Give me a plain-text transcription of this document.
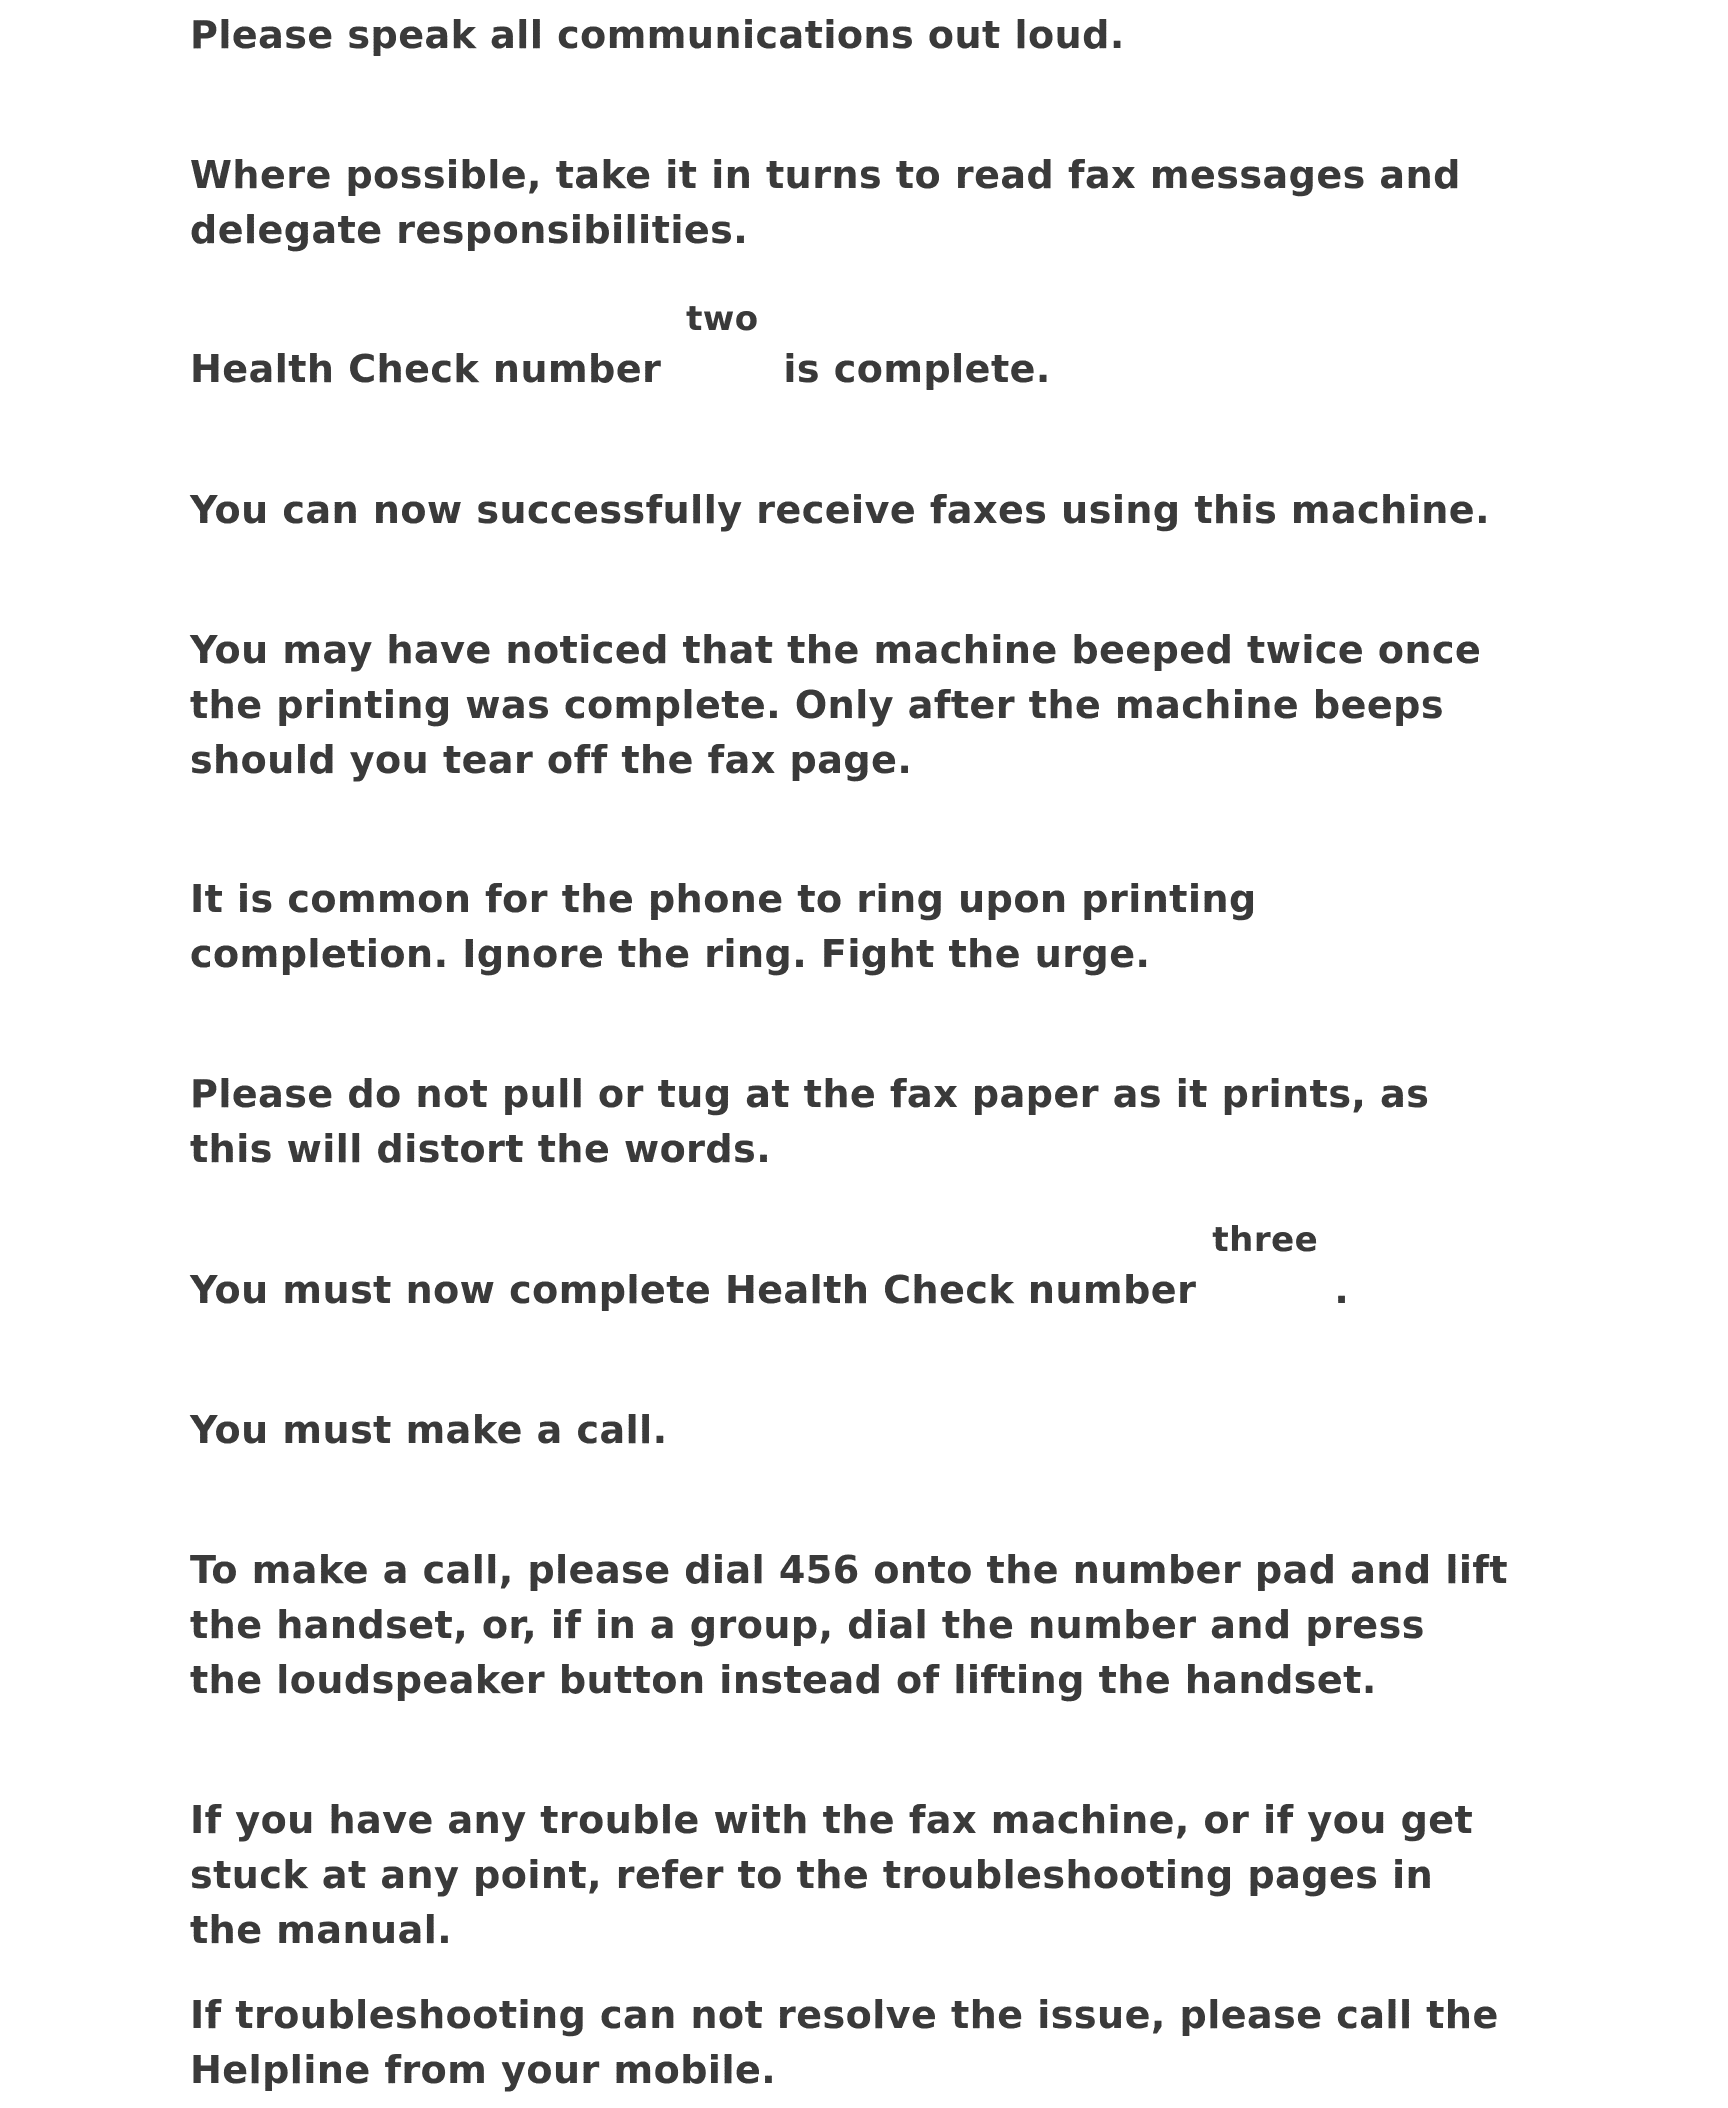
Please speak all communications out loud.

Where possible, take it in turns to read fax messages and delegate responsibilities.

Health Check number
two
is complete.

You can now successfully receive faxes using this machine.

You may have noticed that the machine beeped twice once the printing was complete. Only after the machine beeps should you tear off the fax page.

It is common for the phone to ring upon printing completion. Ignore the ring. Fight the urge.

Please do not pull or tug at the fax paper as it prints, as this will distort the words.

You must now complete Health Check number
three
.

You must make a call.

To make a call, please dial 456 onto the number pad and lift the handset, or, if in a group, dial the number and press the loudspeaker button instead of lifting the handset.

If you have any trouble with the fax machine, or if you get stuck at any point, refer to the troubleshooting pages in the manual.

If troubleshooting can not resolve the issue, please call the Helpline from your mobile.
